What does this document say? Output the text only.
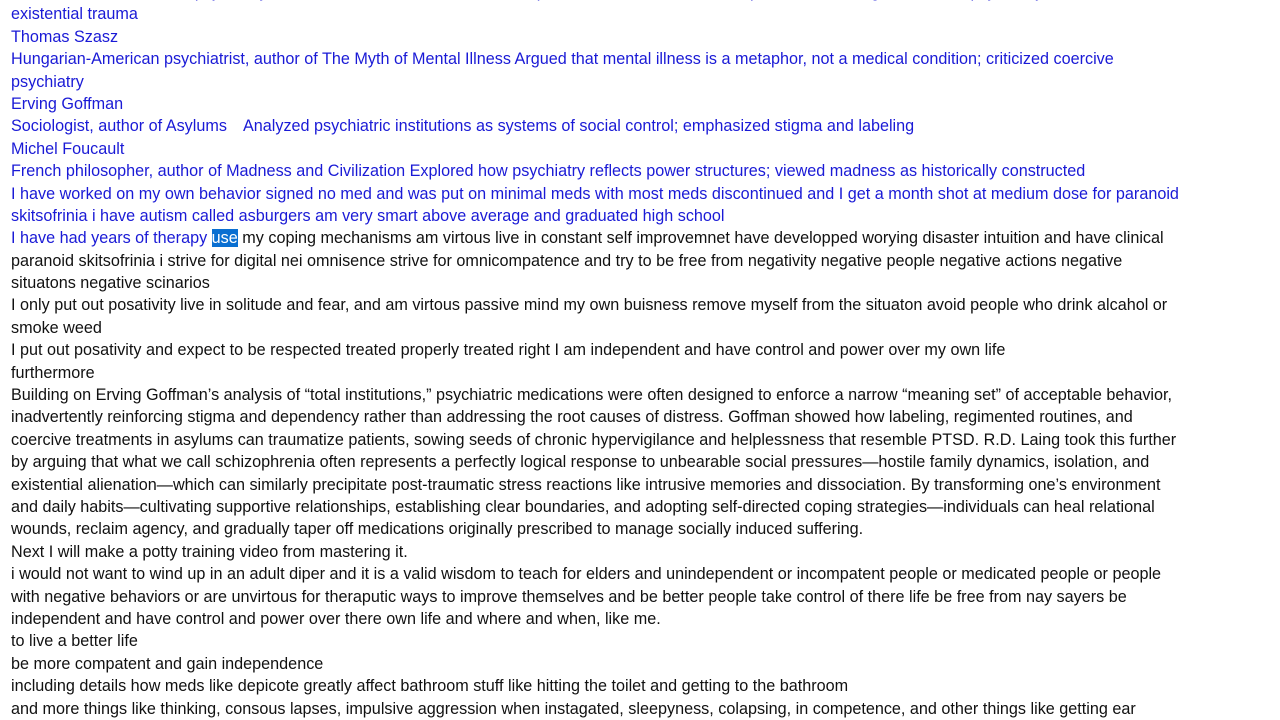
existential trauma
Thomas Szasz
Hungarian-American psychiatrist, author of The Myth of Mental Illness Argued that mental illness is a metaphor, not a medical condition; criticized coercive
psychiatry
Erving Goffman
Sociologist, author of Asylums Analyzed psychiatric institutions as systems of social control; emphasized stigma and labeling
Michel Foucault
French philosopher, author of Madness and Civilization Explored how psychiatry reflects power structures; viewed madness as historically constructed
I have worked on my own behavior signed no med and was put on minimal meds with most meds discontinued and I get a month shot at medium dose for paranoid
skitsofrinia i have autism called asburgers am very smart above average and graduated high school
I have had years of therapy use my coping mechanisms am virtous live in constant self improvemnet have developped worying disaster intuition and have clinical
paranoid skitsofrinia i strive for digital nei omnisence strive for omnicompatence and try to be free from negativity negative people negative actions negative
situatons negative scinarios
I only put out posativity live in solitude and fear, and am virtous passive mind my own buisness remove myself from the situaton avoid people who drink alcahol or
smoke weed
I put out posativity and expect to be respected treated properly treated right I am independent and have control and power over my own life
furthermore
Building on Erving Goffman’s analysis of “total institutions,” psychiatric medications were often designed to enforce a narrow “meaning set” of acceptable behavior,
inadvertently reinforcing stigma and dependency rather than addressing the root causes of distress. Goffman showed how labeling, regimented routines, and
coercive treatments in asylums can traumatize patients, sowing seeds of chronic hypervigilance and helplessness that resemble PTSD. R.D. Laing took this further
by arguing that what we call schizophrenia often represents a perfectly logical response to unbearable social pressures—hostile family dynamics, isolation, and
existential alienation—which can similarly precipitate post-traumatic stress reactions like intrusive memories and dissociation. By transforming one’s environment
and daily habits—cultivating supportive relationships, establishing clear boundaries, and adopting self-directed coping strategies—individuals can heal relational
wounds, reclaim agency, and gradually taper off medications originally prescribed to manage socially induced suffering.
Next I will make a potty training video from mastering it.
i would not want to wind up in an adult diper and it is a valid wisdom to teach for elders and unindependent or incompatent people or medicated people or people
with negative behaviors or are unvirtous for theraputic ways to improve themselves and be better people take control of there life be free from nay sayers be
independent and have control and power over there own life and where and when, like me.
to live a better life
be more compatent and gain independence
including details how meds like depicote greatly affect bathroom stuff like hitting the toilet and getting to the bathroom
and more things like thinking, consous lapses, impulsive aggression when instagated, sleepyness, colapsing, in competence, and other things like getting ear
